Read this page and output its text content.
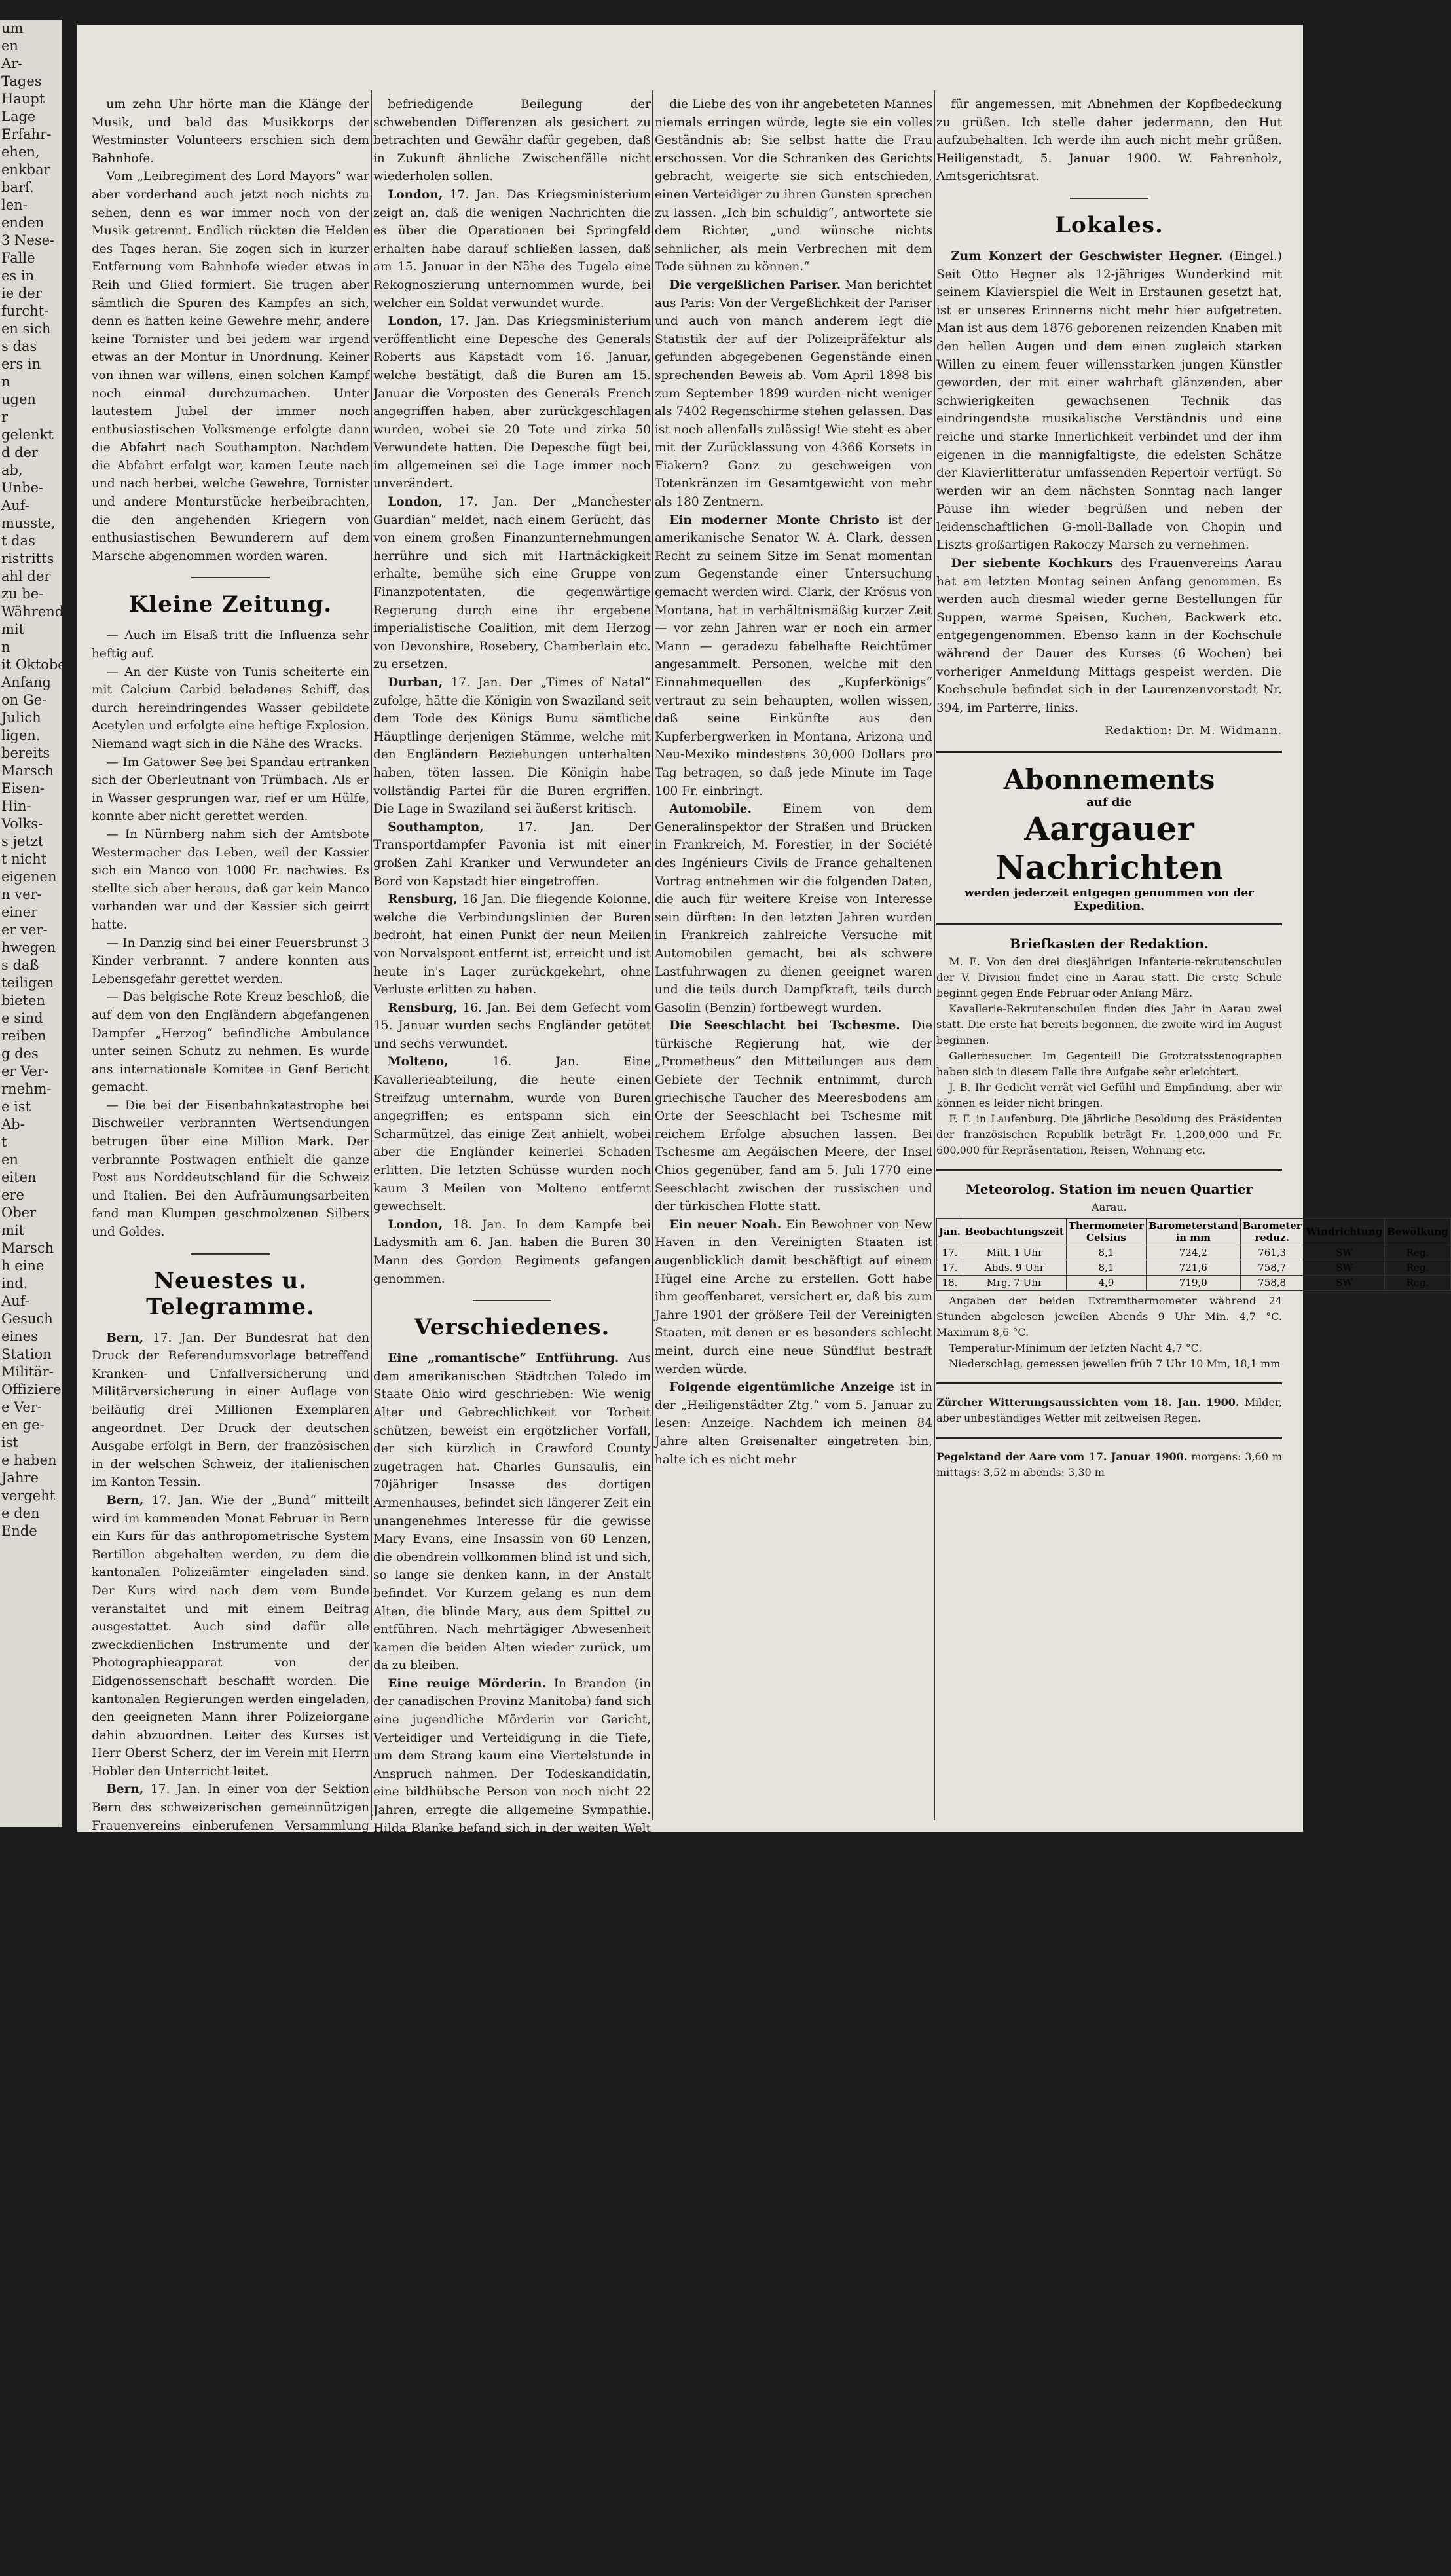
um
en
Ar-
Tages
Haupt
Lage
Erfahr-
ehen,
enkbar
barf.
len-
enden
3 Nese-
Falle
es in
ie der
furcht-
en sich
s das
ers in
n
ugen
r
gelenkt
d der
ab,
Unbe-
Auf-
musste,
t das
ristritts
ahl der
zu be-
Während
mit
n
it Oktober
Anfang
on Ge-
Julich
ligen.
bereits
Marsch
Eisen-
Hin-
Volks-
s jetzt
t nicht
eigenen
n ver-
einer
er ver-
hwegen
s daß
teiligen
bieten
e sind
reiben
g des
er Ver-
rnehm-
e ist
Ab-
t
en
eiten
ere
Ober
mit
Marsch
h eine
ind.
Auf-
Gesuch
eines
Station
Militär-
Offiziere
e Ver-
en ge-
ist
e haben
Jahre
vergeht
e den
Ende

um zehn Uhr hörte man die Klänge der Musik, und bald das Musikkorps der Westminster Volunteers erschien sich dem Bahnhofe.

Vom „Leibregiment des Lord Mayors“ war aber vorderhand auch jetzt noch nichts zu sehen, denn es war immer noch von der Musik getrennt. Endlich rückten die Helden des Tages heran. Sie zogen sich in kurzer Entfernung vom Bahnhofe wieder etwas in Reih und Glied formiert. Sie trugen aber sämtlich die Spuren des Kampfes an sich, denn es hatten keine Gewehre mehr, andere keine Tornister und bei jedem war irgend etwas an der Montur in Unordnung. Keiner von ihnen war willens, einen solchen Kampf noch einmal durchzumachen. Unter lautestem Jubel der immer noch enthusiastischen Volksmenge erfolgte dann die Abfahrt nach Southampton. Nachdem die Abfahrt erfolgt war, kamen Leute nach und nach herbei, welche Gewehre, Tornister und andere Monturstücke herbeibrachten, die den angehenden Kriegern von enthusiastischen Bewunderern auf dem Marsche abgenommen worden waren.

Kleine Zeitung.

— Auch im Elsaß tritt die Influenza sehr heftig auf.

— An der Küste von Tunis scheiterte ein mit Calcium Carbid beladenes Schiff, das durch hereindringendes Wasser gebildete Acetylen und erfolgte eine heftige Explosion. Niemand wagt sich in die Nähe des Wracks.

— Im Gatower See bei Spandau ertranken sich der Oberleutnant von Trümbach. Als er in Wasser gesprungen war, rief er um Hülfe, konnte aber nicht gerettet werden.

— In Nürnberg nahm sich der Amtsbote Westermacher das Leben, weil der Kassier sich ein Manco von 1000 Fr. nachwies. Es stellte sich aber heraus, daß gar kein Manco vorhanden war und der Kassier sich geirrt hatte.

— In Danzig sind bei einer Feuersbrunst 3 Kinder verbrannt. 7 andere konnten aus Lebensgefahr gerettet werden.

— Das belgische Rote Kreuz beschloß, die auf dem von den Engländern abgefangenen Dampfer „Herzog“ befindliche Ambulance unter seinen Schutz zu nehmen. Es wurde ans internationale Komitee in Genf Bericht gemacht.

— Die bei der Eisenbahnkatastrophe bei Bischweiler verbrannten Wertsendungen betrugen über eine Million Mark. Der verbrannte Postwagen enthielt die ganze Post aus Norddeutschland für die Schweiz und Italien. Bei den Aufräumungsarbeiten fand man Klumpen geschmolzenen Silbers und Goldes.

Neuestes u. Telegramme.

Bern, 17. Jan. Der Bundesrat hat den Druck der Referendumsvorlage betreffend Kranken- und Unfallversicherung und Militärversicherung in einer Auflage von beiläufig drei Millionen Exemplaren angeordnet. Der Druck der deutschen Ausgabe erfolgt in Bern, der französischen in der welschen Schweiz, der italienischen im Kanton Tessin.

Bern, 17. Jan. Wie der „Bund“ mitteilt wird im kommenden Monat Februar in Bern ein Kurs für das anthropometrische System Bertillon abgehalten werden, zu dem die kantonalen Polizeiämter eingeladen sind. Der Kurs wird nach dem vom Bunde veranstaltet und mit einem Beitrag ausgestattet. Auch sind dafür alle zweckdienlichen Instrumente und der Photographieapparat von der Eidgenossenschaft beschafft worden. Die kantonalen Regierungen werden eingeladen, den geeigneten Mann ihrer Polizeiorgane dahin abzuordnen. Leiter des Kurses ist Herr Oberst Scherz, der im Verein mit Herrn Hobler den Unterricht leitet.

Bern, 17. Jan. In einer von der Sektion Bern des schweizerischen gemeinnützigen Frauenvereins einberufenen Versammlung hielt heute Abend im Großratssaale Herr Nationalrat Forrer einen Vortrag über das Versicherungswerk. Die 200 anwesenden Frauen aller Stände folgten den Ausführungen des Redners mit sichtlichem Interesse.

Zürich, 17. Jan. Herr Josef Kainz verließ heute nachmittags 2 Uhr Zürich, um sich nach Frankfurt a. M. zu begeben. Dort beabsichtigt der Künstler am 19. d. seine künstlerische Tätigkeit wieder aufzunehmen. Die Gastspiele in Basel und dann die in Aussicht genommenen in Wiesbaden und Würzburg wurden infolge seiner Krankheit vom Programm gestrichen werden.

Thalweil, 17. Jan. Der Schnellzug Paris-Wien, der kurz vor 11 Uhr aus hiesiger Station abfuhr, ohne anzuhalten, überfuhr heute Vormittag den seit 25 Jahren alten Eisenbahnangestellten Jakob Goßweiler, der schon längere Zeit an dem hiesigen Bahnhof angestellt war. Der Verunglückte ist erst 28 Jahre alt gewesen.

Bellinzona, 17. Jan. Im Großen Rate entspann sich heute eine längere Diskussion über den Bericht der Erziehungskommission, das kantonale Gesundheitslaboratorium abzuschaffen. Der Antrag wurde abgelehnt. — Sodann wurde über den Antrag beraten, die 8 Bezirksstatthaltereien abzuschaffen. Die Diskussion wurde nicht zu Ende geführt.

Berlin, 17. Jan. In Berlin ist man in Berlin an amtlicher Stelle eingetroffenen Telegramm aus London hat die englische Regierung erklärt, daß sie die Freigabe des Reichspostdampfers „Bundesrat“ und seine Untersuchung nicht unmittelbar bewirken werde. Die endgültige Zusage der Regierung Großbritanniens ist eine

befriedigende Beilegung der schwebenden Differenzen als gesichert zu betrachten und Gewähr dafür gegeben, daß in Zukunft ähnliche Zwischenfälle nicht wiederholen sollen.

London, 17. Jan. Das Kriegsministerium zeigt an, daß die wenigen Nachrichten die es über die Operationen bei Springfeld erhalten habe darauf schließen lassen, daß am 15. Januar in der Nähe des Tugela eine Rekognoszierung unternommen wurde, bei welcher ein Soldat verwundet wurde.

London, 17. Jan. Das Kriegsministerium veröffentlicht eine Depesche des Generals Roberts aus Kapstadt vom 16. Januar, welche bestätigt, daß die Buren am 15. Januar die Vorposten des Generals French angegriffen haben, aber zurückgeschlagen wurden, wobei sie 20 Tote und zirka 50 Verwundete hatten. Die Depesche fügt bei, im allgemeinen sei die Lage immer noch unverändert.

London, 17. Jan. Der „Manchester Guardian“ meldet, nach einem Gerücht, das von einem großen Finanzunternehmungen herrühre und sich mit Hartnäckigkeit erhalte, bemühe sich eine Gruppe von Finanzpotentaten, die gegenwärtige Regierung durch eine ihr ergebene imperialistische Coalition, mit dem Herzog von Devonshire, Rosebery, Chamberlain etc. zu ersetzen.

Durban, 17. Jan. Der „Times of Natal“ zufolge, hätte die Königin von Swaziland seit dem Tode des Königs Bunu sämtliche Häuptlinge derjenigen Stämme, welche mit den Engländern Beziehungen unterhalten haben, töten lassen. Die Königin habe vollständig Partei für die Buren ergriffen. Die Lage in Swaziland sei äußerst kritisch.

Southampton,	17. Jan. Der Transportdampfer Pavonia ist mit einer großen Zahl Kranker und Verwundeter an Bord von Kapstadt hier eingetroffen.

Rensburg, 16 Jan. Die fliegende Kolonne, welche die Verbindungslinien der Buren bedroht, hat einen Punkt der neun Meilen von Norvalspont entfernt ist, erreicht und ist heute in's Lager zurückgekehrt, ohne Verluste erlitten zu haben.

Rensburg, 16. Jan. Bei dem Gefecht vom 15. Januar wurden sechs Engländer getötet und sechs verwundet.

Molteno,	16. Jan. Eine Kavallerieabteilung, die heute einen Streifzug unternahm, wurde von Buren angegriffen; es entspann sich ein Scharmützel, das einige Zeit anhielt, wobei aber die Engländer keinerlei Schaden erlitten. Die letzten Schüsse wurden noch kaum 3 Meilen von Molteno entfernt gewechselt.

London, 18. Jan. In dem Kampfe bei Ladysmith am 6. Jan. haben die Buren 30 Mann des Gordon Regiments gefangen genommen.

Verschiedenes.

Eine „romantische“ Entführung. Aus dem amerikanischen Städtchen Toledo im Staate Ohio wird geschrieben: Wie wenig Alter und Gebrechlichkeit vor Torheit schützen, beweist ein ergötzlicher Vorfall, der sich kürzlich in Crawford County zugetragen hat. Charles Gunsaulis, ein 70jähriger Insasse des dortigen Armenhauses, befindet sich längerer Zeit ein unangenehmes Interesse für die gewisse Mary Evans, eine Insassin von 60 Lenzen, die obendrein vollkommen blind ist und sich, so lange sie denken kann, in der Anstalt befindet. Vor Kurzem gelang es nun dem Alten, die blinde Mary, aus dem Spittel zu entführen. Nach mehrtägiger Abwesenheit kamen die beiden Alten wieder zurück, um da zu bleiben.

Eine reuige Mörderin. In Brandon (in der canadischen Provinz Manitoba) fand sich eine jugendliche Mörderin vor Gericht, Verteidiger und Verteidigung in die Tiefe, um dem Strang kaum eine Viertelstunde in Anspruch nahmen. Der Todeskandidatin, eine bildhübsche Person von noch nicht 22 Jahren, erregte die allgemeine Sympathie. Hilda Blanke befand sich in der weiten Welt keinen Verwandten oder Freund.

die Liebe des von ihr angebeteten Mannes niemals erringen würde, legte sie ein volles Geständnis ab: Sie selbst hatte die Frau erschossen. Vor die Schranken des Gerichts gebracht, weigerte sie sich entschieden, einen Verteidiger zu ihren Gunsten sprechen zu lassen. „Ich bin schuldig“, antwortete sie dem Richter, „und wünsche nichts sehnlicher, als mein Verbrechen mit dem Tode sühnen zu können.“

Die vergeßlichen Pariser. Man berichtet aus Paris: Von der Vergeßlichkeit der Pariser und auch von manch anderem legt die Statistik der auf der Polizeipräfektur als gefunden abgegebenen Gegenstände einen sprechenden Beweis ab. Vom April 1898 bis zum September 1899 wurden nicht weniger als 7402 Regenschirme stehen gelassen. Das ist noch allenfalls zulässig! Wie steht es aber mit der Zurücklassung von 4366 Korsets in Fiakern? Ganz zu geschweigen von Totenkränzen im Gesamtgewicht von mehr als 180 Zentnern.

Ein moderner Monte Christo ist der amerikanische Senator W. A. Clark, dessen Recht zu seinem Sitze im Senat momentan zum Gegenstande einer Untersuchung gemacht werden wird. Clark, der Krösus von Montana, hat in verhältnismäßig kurzer Zeit — vor zehn Jahren war er noch ein armer Mann — geradezu fabelhafte Reichtümer angesammelt. Personen, welche mit den Einnahmequellen des „Kupferkönigs“ vertraut zu sein behaupten, wollen wissen, daß seine Einkünfte aus den Kupferbergwerken in Montana, Arizona und Neu-Mexiko mindestens 30,000 Dollars pro Tag betragen, so daß jede Minute im Tage 100 Fr. einbringt.

Automobile.	Einem von dem Generalinspektor der Straßen und Brücken in Frankreich, M. Forestier, in der Société des Ingénieurs Civils de France gehaltenen Vortrag entnehmen wir die folgenden Daten, die auch für weitere Kreise von Interesse sein dürften: In den letzten Jahren wurden in Frankreich zahlreiche Versuche mit Automobilen gemacht, bei als schwere Lastfuhrwagen zu dienen geeignet waren und die teils durch Dampfkraft, teils durch Gasolin (Benzin) fortbewegt wurden.

Die Seeschlacht bei Tschesme. Die türkische Regierung hat, wie der „Prometheus“ den Mitteilungen aus dem Gebiete der Technik entnimmt, durch griechische Taucher des Meeresbodens am Orte der Seeschlacht bei Tschesme mit reichem Erfolge absuchen lassen. Bei Tschesme am Aegäischen Meere, der Insel Chios gegenüber, fand am 5. Juli 1770 eine Seeschlacht zwischen der russischen und der türkischen Flotte statt.

Ein neuer Noah. Ein Bewohner von New Haven in den Vereinigten Staaten ist augenblicklich damit beschäftigt auf einem Hügel eine Arche zu erstellen. Gott habe ihm geoffenbaret, versichert er, daß bis zum Jahre 1901 der größere Teil der Vereinigten Staaten, mit denen er es besonders schlecht meint, durch eine neue Sündflut bestraft werden würde.

Folgende eigentümliche Anzeige ist in der „Heiligenstädter Ztg.“ vom 5. Januar zu lesen: Anzeige. Nachdem ich meinen 84 Jahre alten Greisenalter eingetreten bin, halte ich es nicht mehr

für angemessen, mit Abnehmen der Kopfbedeckung zu grüßen. Ich stelle daher jedermann, den Hut aufzubehalten. Ich werde ihn auch nicht mehr grüßen. Heiligenstadt, 5. Januar 1900. W. Fahrenholz, Amtsgerichtsrat.

Lokales.

Zum Konzert der Geschwister Hegner. (Eingel.) Seit Otto Hegner als 12-jähriges Wunderkind mit seinem Klavierspiel die Welt in Erstaunen gesetzt hat, ist er unseres Erinnerns nicht mehr hier aufgetreten. Man ist aus dem 1876 geborenen reizenden Knaben mit den hellen Augen und dem einen zugleich starken Willen zu einem feuer willensstarken jungen Künstler geworden, der mit einer wahrhaft glänzenden, aber schwierigkeiten gewachsenen Technik das eindringendste musikalische Verständnis und eine reiche und starke Innerlichkeit verbindet und der ihm eigenen in die mannigfaltigste, die edelsten Schätze der Klavierlitteratur umfassenden Repertoir verfügt. So werden wir an dem nächsten Sonntag nach langer Pause ihn wieder begrüßen und neben der leidenschaftlichen G-moll-Ballade von Chopin und Liszts großartigen Rakoczy Marsch zu vernehmen.

Der siebente Kochkurs des Frauenvereins Aarau hat am letzten Montag seinen Anfang genommen. Es werden auch diesmal wieder gerne Bestellungen für Suppen, warme Speisen, Kuchen, Backwerk etc. entgegengenommen. Ebenso kann in der Kochschule während der Dauer des Kurses (6 Wochen) bei vorheriger Anmeldung Mittags gespeist werden. Die Kochschule befindet sich in der Laurenzenvorstadt Nr. 394, im Parterre, links.

Redaktion: Dr. M. Widmann.

Abonnements
auf die
Aargauer Nachrichten
werden jederzeit entgegen genommen von der Expedition.
Briefkasten der Redaktion.

M. E. Von den drei diesjährigen Infanterie-rekrutenschulen der V. Division findet eine in Aarau statt. Die erste Schule beginnt gegen Ende Februar oder Anfang März.

Kavallerie-Rekrutenschulen finden dies Jahr in Aarau zwei statt. Die erste hat bereits begonnen, die zweite wird im August beginnen.

Gallerbesucher. Im Gegenteil! Die Grofzratsstenographen haben sich in diesem Falle ihre Aufgabe sehr erleichtert.

J. B. Ihr Gedicht verrät viel Gefühl und Empfindung, aber wir können es leider nicht bringen.

F. F. in Laufenburg. Die jährliche Besoldung des Präsidenten der französischen Republik beträgt Fr. 1,200,000 und Fr. 600,000 für Repräsentation, Reisen, Wohnung etc.

Meteorolog. Station im neuen Quartier

Aarau.

Jan.	Beobachtungszeit	Thermometer Celsius	Barometerstand in mm	Barometer reduz.	Windrichtung	Bewölkung
17.	Mitt. 1 Uhr	8,1	724,2	761,3	SW	Reg.
17.	Abds. 9 Uhr	8,1	721,6	758,7	SW	Reg.
18.	Mrg. 7 Uhr	4,9	719,0	758,8	SW	Reg.

Angaben der beiden Extremthermometer während 24 Stunden abgelesen jeweilen Abends 9 Uhr Min. 4,7 °C. Maximum 8,6 °C.

Temperatur-Minimum der letzten Nacht 4,7 °C.

Niederschlag, gemessen jeweilen früh 7 Uhr 10 Mm, 18,1 mm

Zürcher Witterungsaussichten vom 18. Jan. 1900. Milder, aber unbeständiges Wetter mit zeitweisen Regen.

Pegelstand der Aare vom 17. Januar 1900. morgens: 3,60 m mittags: 3,52 m abends: 3,30 m
